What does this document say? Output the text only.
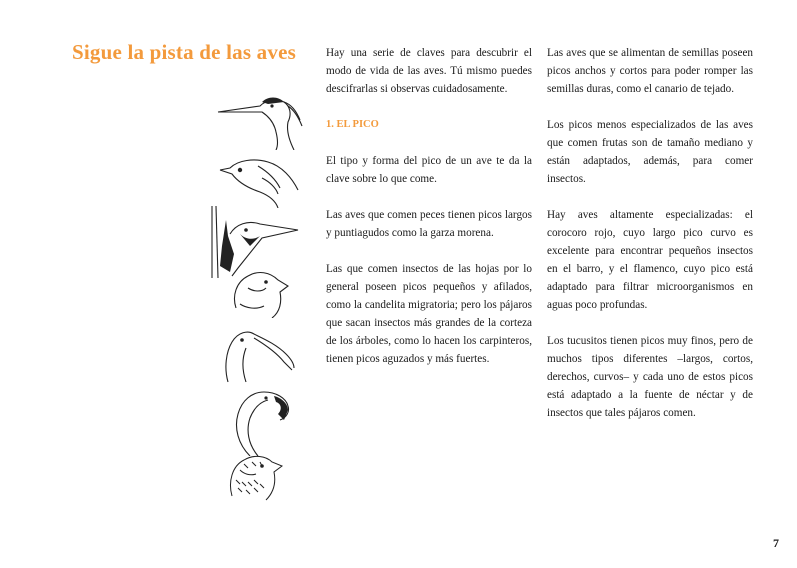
Sigue la pista de las aves	Hay una serie de claves para descubrir el modo de vida de las aves. Tú mismo puedes descifrarlas si observas cuidadosamente.

1. EL PICO

El tipo y forma del pico de un ave te da la clave sobre lo que come.

Las aves que comen peces tienen picos largos y puntiagudos como la garza morena.

Las que comen insectos de las hojas por lo general poseen picos pequeños y afilados, como la candelita migratoria; pero los pájaros que sacan insectos más grandes de la corteza de los árboles, como lo hacen los carpinteros, tienen picos aguzados y más fuertes.

Las aves que se alimentan de semillas poseen picos anchos y cortos para poder romper las semillas duras, como el canario de tejado.

Los picos menos especializados de las aves que comen frutas son de tamaño mediano y están adaptados, además, para comer insectos.

Hay aves altamente especializadas: el corocoro rojo, cuyo largo pico curvo es excelente para encontrar pequeños insectos en el barro, y el flamenco, cuyo pico está adaptado para filtrar microorganismos en aguas poco profundas.

Los tucusitos tienen picos muy finos, pero de muchos tipos diferentes –largos, cortos, derechos, curvos– y cada uno de estos picos está adaptado a la fuente de néctar y de insectos que tales pájaros comen.

7
